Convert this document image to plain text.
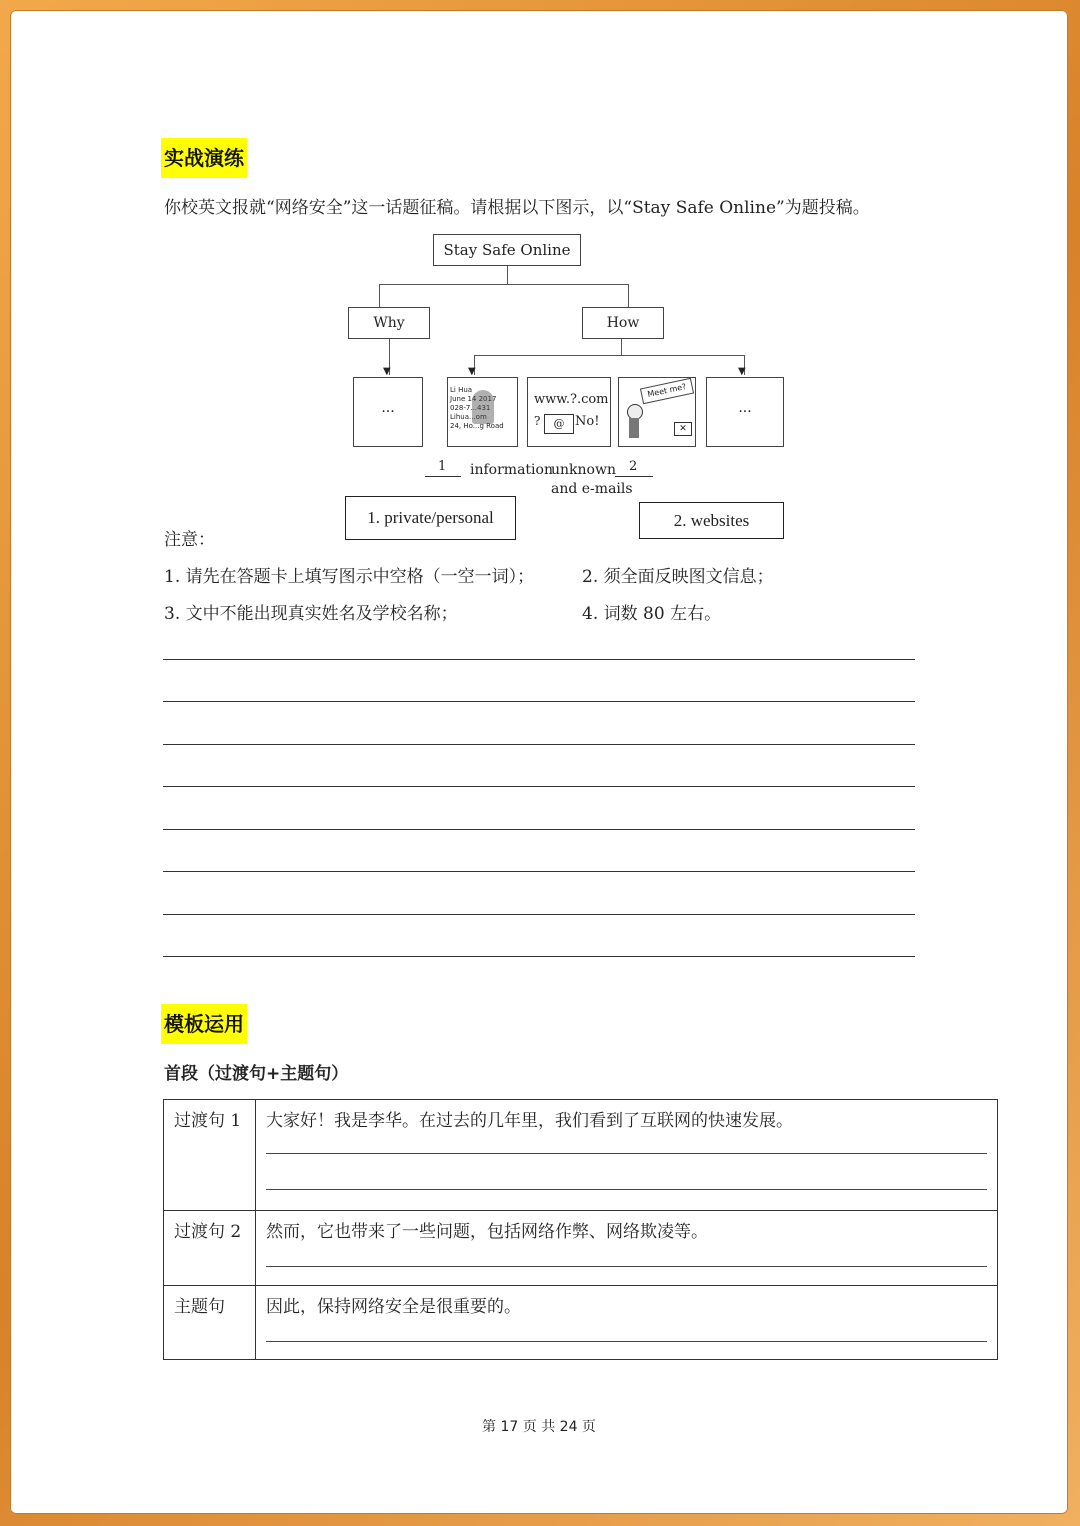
实战演练
你校英文报就“网络安全”这一话题征稿。请根据以下图示，以“Stay Safe Online”为题投稿。
Stay Safe Online
Why	How
▼	▼	▼
···
Li Hua
June 14 2017
028-7...431
Lihua...om
24, Ho...g Road
www.?.com
?	@ No!
Meet me?
✕
···
1 information
unknown 2
and e-mails
1. private/personal	2. websites
注意：
1. 请先在答题卡上填写图示中空格（一空一词）；	2. 须全面反映图文信息；
3. 文中不能出现真实姓名及学校名称；	4. 词数 80 左右。
模板运用
首段（过渡句+主题句）
过渡句 1	大家好！我是李华。在过去的几年里，我们看到了互联网的快速发展。

过渡句 2	然而，它也带来了一些问题，包括网络作弊、网络欺凌等。

主题句	因此，保持网络安全是很重要的。
第 17 页 共 24 页
